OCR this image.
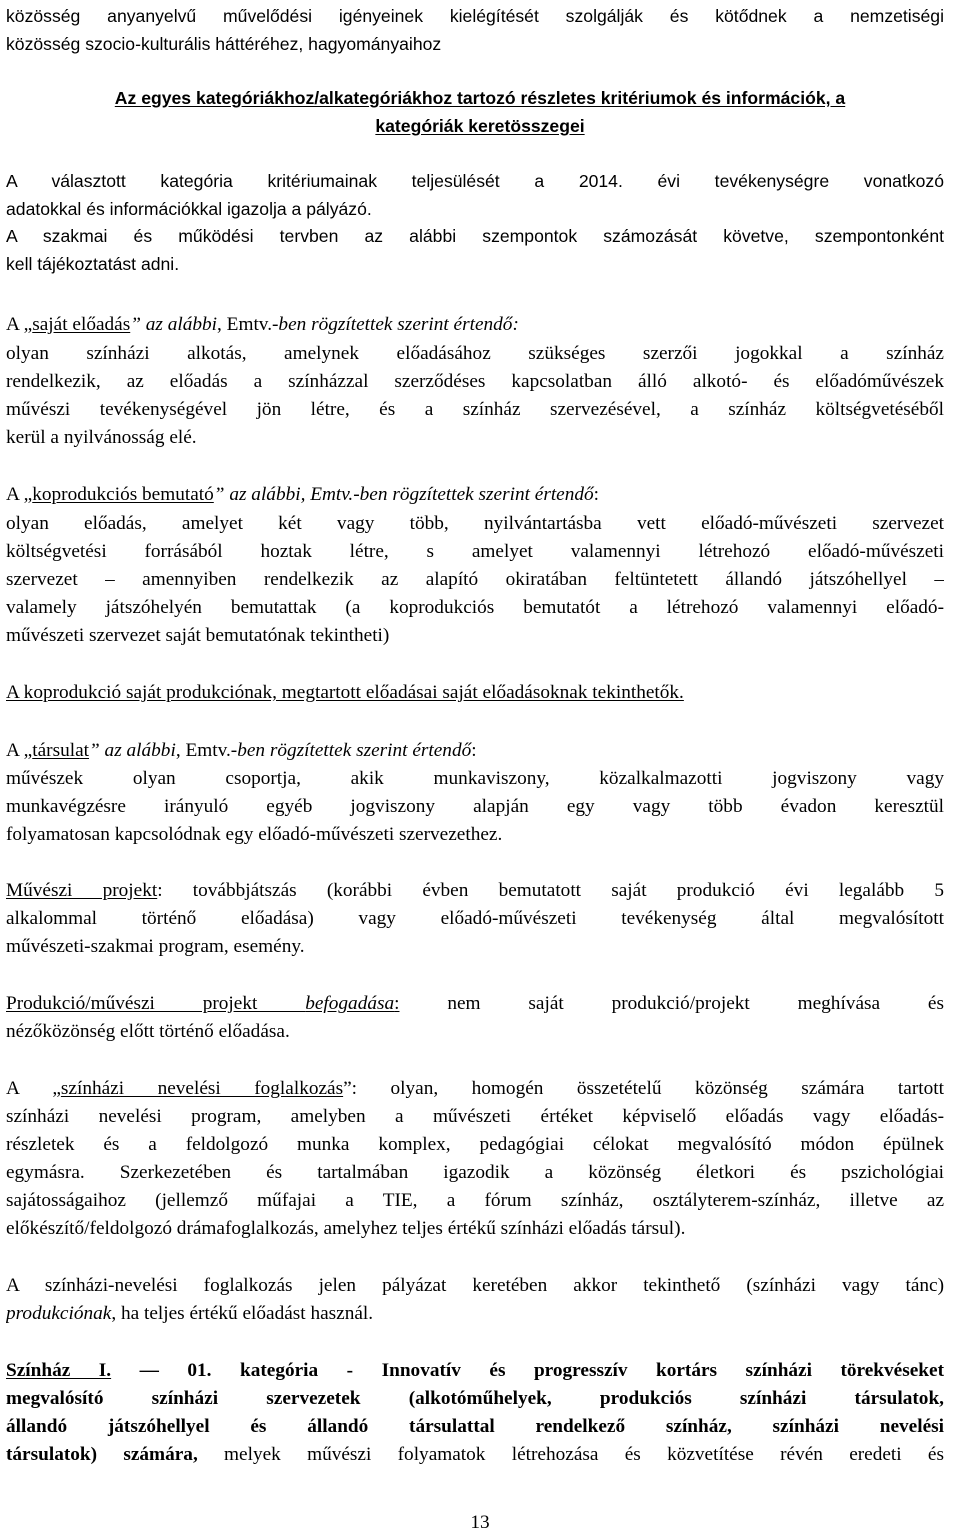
közösség anyanyelvű művelődési igényeinek kielégítését szolgálják és kötődnek a nemzetiségi
közösség szocio-kulturális háttéréhez, hagyományaihoz
Az egyes kategóriákhoz/alkategóriákhoz tartozó részletes kritériumok és információk, a
kategóriák keretösszegei
A választott kategória kritériumainak teljesülését a 2014. évi tevékenységre vonatkozó
adatokkal és információkkal igazolja a pályázó.
A szakmai és működési tervben az alábbi szempontok számozását követve, szempontonként
kell tájékoztatást adni.
A „saját előadás” az alábbi, Emtv.-ben rögzítettek szerint értendő:
olyan színházi alkotás, amelynek előadásához szükséges szerzői jogokkal a színház
rendelkezik, az előadás a színházzal szerződéses kapcsolatban álló alkotó- és előadóművészek
művészi tevékenységével jön létre, és a színház szervezésével, a színház költségvetéséből
kerül a nyilvánosság elé.
A „koprodukciós bemutató” az alábbi, Emtv.-ben rögzítettek szerint értendő:
olyan előadás, amelyet két vagy több, nyilvántartásba vett előadó-művészeti szervezet
költségvetési forrásából hoztak létre, s amelyet valamennyi létrehozó előadó-művészeti
szervezet – amennyiben rendelkezik az alapító okiratában feltüntetett állandó játszóhellyel –
valamely játszóhelyén bemutattak (a koprodukciós bemutatót a létrehozó valamennyi előadó-
művészeti szervezet saját bemutatónak tekintheti)
A koprodukció saját produkciónak, megtartott előadásai saját előadásoknak tekinthetők.
A „társulat” az alábbi, Emtv.-ben rögzítettek szerint értendő:
művészek olyan csoportja, akik munkaviszony, közalkalmazotti jogviszony vagy
munkavégzésre irányuló egyéb jogviszony alapján egy vagy több évadon keresztül
folyamatosan kapcsolódnak egy előadó-művészeti szervezethez.
Művészi projekt: továbbjátszás (korábbi évben bemutatott saját produkció évi legalább 5
alkalommal történő előadása) vagy előadó-művészeti tevékenység által megvalósított
művészeti-szakmai program, esemény.
Produkció/művészi projekt befogadása: nem saját produkció/projekt meghívása és
nézőközönség előtt történő előadása.
A „színházi nevelési foglalkozás”: olyan, homogén összetételű közönség számára tartott
színházi nevelési program, amelyben a művészeti értéket képviselő előadás vagy előadás-
részletek és a feldolgozó munka komplex, pedagógiai célokat megvalósító módon épülnek
egymásra. Szerkezetében és tartalmában igazodik a közönség életkori és pszichológiai
sajátosságaihoz (jellemző műfajai a TIE, a fórum színház, osztályterem-színház, illetve az
előkészítő/feldolgozó drámafoglalkozás, amelyhez teljes értékű színházi előadás társul).
A színházi-nevelési foglalkozás jelen pályázat keretében akkor tekinthető (színházi vagy tánc)
produkciónak, ha teljes értékű előadást használ.
Színház I. — 01. kategória - Innovatív és progresszív kortárs színházi törekvéseket
megvalósító színházi szervezetek (alkotóműhelyek, produkciós színházi társulatok,
állandó játszóhellyel és állandó társulattal rendelkező színház, színházi nevelési
társulatok) számára, melyek művészi folyamatok létrehozása és közvetítése révén eredeti és
13
